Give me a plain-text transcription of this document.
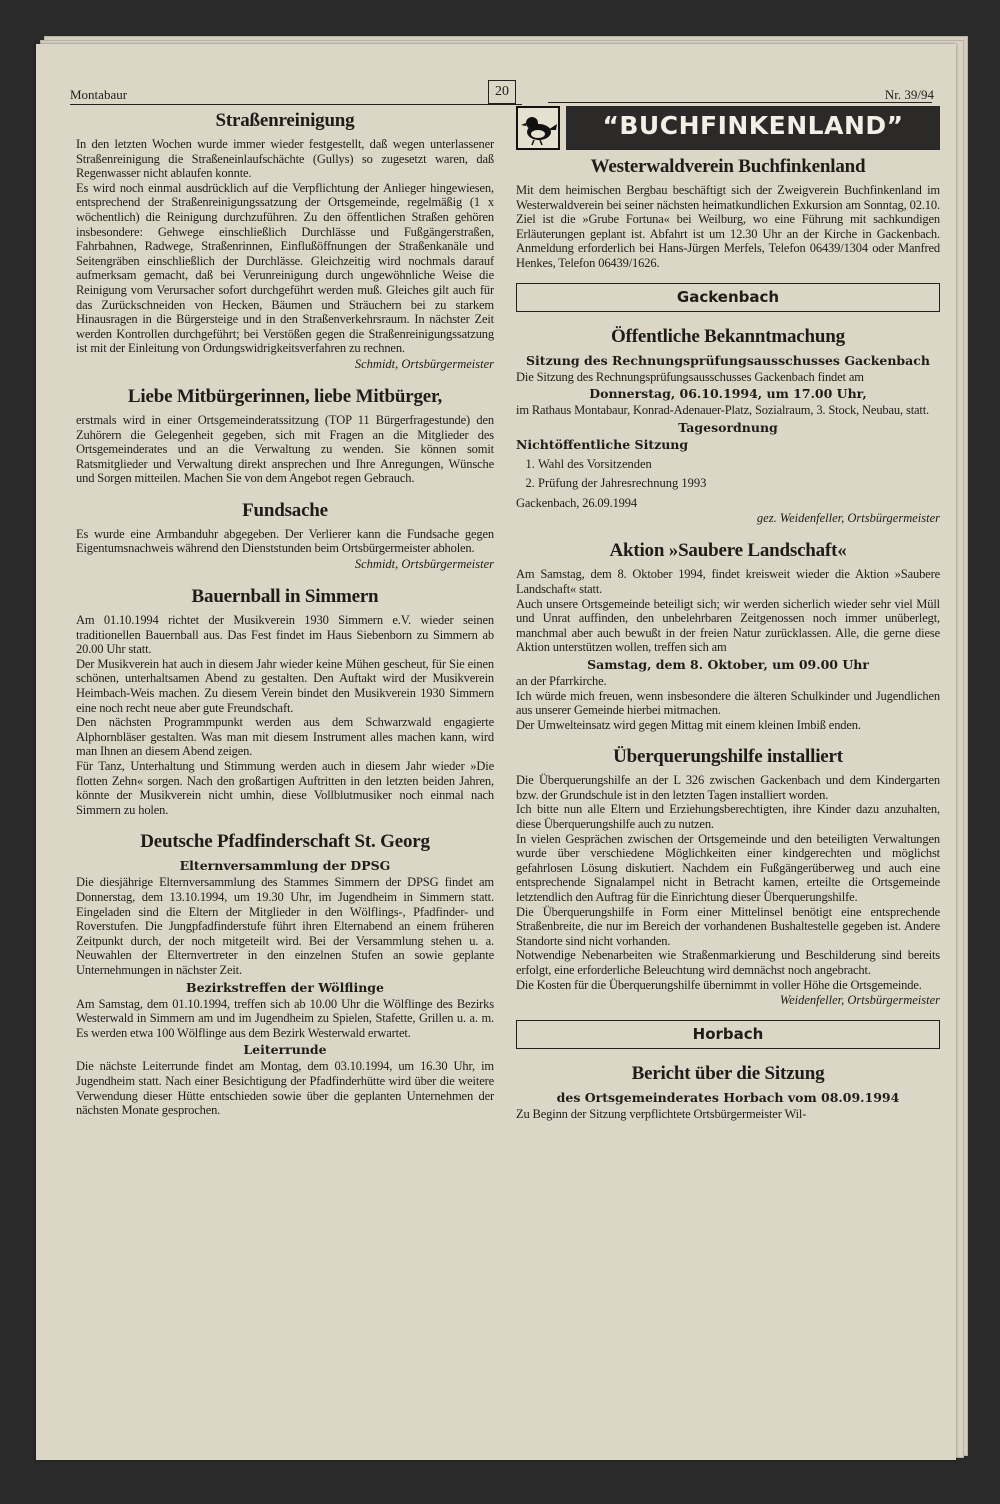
Montabaur	20	Nr. 39/94
Straßenreinigung

In den letzten Wochen wurde immer wieder festgestellt, daß wegen unterlassener Straßenreinigung die Straßeneinlaufschächte (Gullys) so zugesetzt waren, daß Regenwasser nicht ablaufen konnte.
Es wird noch einmal ausdrücklich auf die Verpflichtung der Anlieger hingewiesen, entsprechend der Straßenreinigungssatzung der Ortsgemeinde, regelmäßig (1 x wöchentlich) die Reinigung durchzuführen. Zu den öffentlichen Straßen gehören insbesondere: Gehwege einschließlich Durchlässe und Fußgängerstraßen, Fahrbahnen, Radwege, Straßenrinnen, Einflußöffnungen der Straßenkanäle und Seitengräben einschließlich der Durchlässe. Gleichzeitig wird nochmals darauf aufmerksam gemacht, daß bei Verunreinigung durch ungewöhnliche Weise die Reinigung vom Verursacher sofort durchgeführt werden muß. Gleiches gilt auch für das Zurückschneiden von Hecken, Bäumen und Sträuchern bei zu starkem Hinausragen in die Bürgersteige und in den Straßenverkehrsraum. In nächster Zeit werden Kontrollen durchgeführt; bei Verstößen gegen die Straßenreinigungssatzung ist mit der Einleitung von Ordungswidrigkeitsverfahren zu rechnen.

Schmidt, Ortsbürgermeister
Liebe Mitbürgerinnen, liebe Mitbürger,

erstmals wird in einer Ortsgemeinderatssitzung (TOP 11 Bürgerfragestunde) den Zuhörern die Gelegenheit gegeben, sich mit Fragen an die Mitglieder des Ortsgemeinderates und an die Verwaltung zu wenden. Sie können somit Ratsmitglieder und Verwaltung direkt ansprechen und Ihre Anregungen, Wünsche und Sorgen mitteilen. Machen Sie von dem Angebot regen Gebrauch.

Fundsache

Es wurde eine Armbanduhr abgegeben. Der Verlierer kann die Fundsache gegen Eigentumsnachweis während den Dienststunden beim Ortsbürgermeister abholen.

Schmidt, Ortsbürgermeister
Bauernball in Simmern

Am 01.10.1994 richtet der Musikverein 1930 Simmern e.V. wieder seinen traditionellen Bauernball aus. Das Fest findet im Haus Siebenborn zu Simmern ab 20.00 Uhr statt.
Der Musikverein hat auch in diesem Jahr wieder keine Mühen gescheut, für Sie einen schönen, unterhaltsamen Abend zu gestalten. Den Auftakt wird der Musikverein Heimbach-Weis machen. Zu diesem Verein bindet den Musikverein 1930 Simmern eine noch recht neue aber gute Freundschaft.
Den nächsten Programmpunkt werden aus dem Schwarzwald engagierte Alphornbläser gestalten. Was man mit diesem Instrument alles machen kann, wird man Ihnen an diesem Abend zeigen.
Für Tanz, Unterhaltung und Stimmung werden auch in diesem Jahr wieder »Die flotten Zehn« sorgen. Nach den großartigen Auftritten in den letzten beiden Jahren, könnte der Musikverein nicht umhin, diese Vollblutmusiker noch einmal nach Simmern zu holen.

Deutsche Pfadfinderschaft St. Georg
Elternversammlung der DPSG

Die diesjährige Elternversammlung des Stammes Simmern der DPSG findet am Donnerstag, dem 13.10.1994, um 19.30 Uhr, im Jugendheim in Simmern statt. Eingeladen sind die Eltern der Mitglieder in den Wölflings-, Pfadfinder- und Roverstufen. Die Jungpfadfinderstufe führt ihren Elternabend an einem früheren Zeitpunkt durch, der noch mitgeteilt wird. Bei der Versammlung stehen u. a. Neuwahlen der Elternvertreter in den einzelnen Stufen an sowie geplante Unternehmungen in nächster Zeit.

Bezirkstreffen der Wölflinge

Am Samstag, dem 01.10.1994, treffen sich ab 10.00 Uhr die Wölflinge des Bezirks Westerwald in Simmern am und im Jugendheim zu Spielen, Stafette, Grillen u. a. m. Es werden etwa 100 Wölflinge aus dem Bezirk Westerwald erwartet.

Leiterrunde

Die nächste Leiterrunde findet am Montag, dem 03.10.1994, um 16.30 Uhr, im Jugendheim statt. Nach einer Besichtigung der Pfadfinderhütte wird über die weitere Verwendung dieser Hütte entschieden sowie über die geplanten Unternehmen der nächsten Monate gesprochen.

“BUCHFINKENLAND”
Westerwaldverein Buchfinkenland

Mit dem heimischen Bergbau beschäftigt sich der Zweigverein Buchfinkenland im Westerwaldverein bei seiner nächsten heimatkundlichen Exkursion am Sonntag, 02.10. Ziel ist die »Grube Fortuna« bei Weilburg, wo eine Führung mit sachkundigen Erläuterungen geplant ist. Abfahrt ist um 12.30 Uhr an der Kirche in Gackenbach. Anmeldung erforderlich bei Hans-Jürgen Merfels, Telefon 06439/1304 oder Manfred Henkes, Telefon 06439/1626.

Gackenbach
Öffentliche Bekanntmachung
Sitzung des Rechnungsprüfungsausschusses Gackenbach

Die Sitzung des Rechnungsprüfungsausschusses Gackenbach findet am

Donnerstag, 06.10.1994, um 17.00 Uhr,

im Rathaus Montabaur, Konrad-Adenauer-Platz, Sozialraum, 3. Stock, Neubau, statt.

Tagesordnung
Nichtöffentliche Sitzung
1. Wahl des Vorsitzenden
2. Prüfung der Jahresrechnung 1993

Gackenbach, 26.09.1994

gez. Weidenfeller, Ortsbürgermeister
Aktion »Saubere Landschaft«

Am Samstag, dem 8. Oktober 1994, findet kreisweit wieder die Aktion »Saubere Landschaft« statt.
Auch unsere Ortsgemeinde beteiligt sich; wir werden sicherlich wieder sehr viel Müll und Unrat auffinden, den unbelehrbaren Zeitgenossen noch immer unüberlegt, manchmal aber auch bewußt in der freien Natur zurücklassen. Alle, die gerne diese Aktion unterstützen wollen, treffen sich am

Samstag, dem 8. Oktober, um 09.00 Uhr

an der Pfarrkirche.
Ich würde mich freuen, wenn insbesondere die älteren Schulkinder und Jugendlichen aus unserer Gemeinde hierbei mitmachen.
Der Umwelteinsatz wird gegen Mittag mit einem kleinen Imbiß enden.

Überquerungshilfe installiert

Die Überquerungshilfe an der L 326 zwischen Gackenbach und dem Kindergarten bzw. der Grundschule ist in den letzten Tagen installiert worden.
Ich bitte nun alle Eltern und Erziehungsberechtigten, ihre Kinder dazu anzuhalten, diese Überquerungshilfe auch zu nutzen.
In vielen Gesprächen zwischen der Ortsgemeinde und den beteiligten Verwaltungen wurde über verschiedene Möglichkeiten einer kindgerechten und möglichst gefahrlosen Lösung diskutiert. Nachdem ein Fußgängerüberweg und auch eine entsprechende Signalampel nicht in Betracht kamen, erteilte die Ortsgemeinde letztendlich den Auftrag für die Einrichtung dieser Überquerungshilfe.
Die Überquerungshilfe in Form einer Mittelinsel benötigt eine entsprechende Straßenbreite, die nur im Bereich der vorhandenen Bushaltestelle gegeben ist. Andere Standorte sind nicht vorhanden.
Notwendige Nebenarbeiten wie Straßenmarkierung und Beschilderung sind bereits erfolgt, eine erforderliche Beleuchtung wird demnächst noch angebracht.
Die Kosten für die Überquerungshilfe übernimmt in voller Höhe die Ortsgemeinde.

Weidenfeller, Ortsbürgermeister
Horbach
Bericht über die Sitzung
des Ortsgemeinderates Horbach vom 08.09.1994

Zu Beginn der Sitzung verpflichtete Ortsbürgermeister Wil-
